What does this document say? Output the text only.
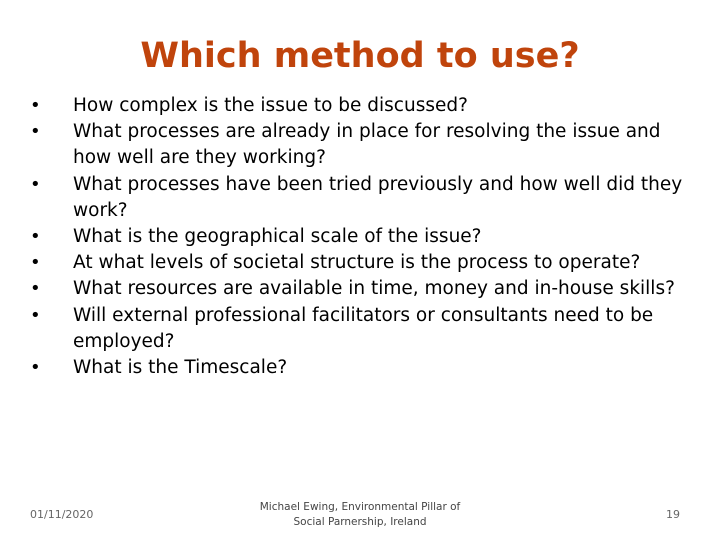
Which method to use?
•	How complex is the issue to be discussed?
•	What processes are already in place for resolving the issue and how well are they working?
•	What processes have been tried previously and how well did they work?
•	What is the geographical scale of the issue?
•	At what levels of societal structure is the process to operate?
•	What resources are available in time, money and in-house skills?
•	Will external professional facilitators or consultants need to be employed?
•	What is the Timescale?
01/11/2020
Michael Ewing, Environmental Pillar of
Social Parnership, Ireland
19
